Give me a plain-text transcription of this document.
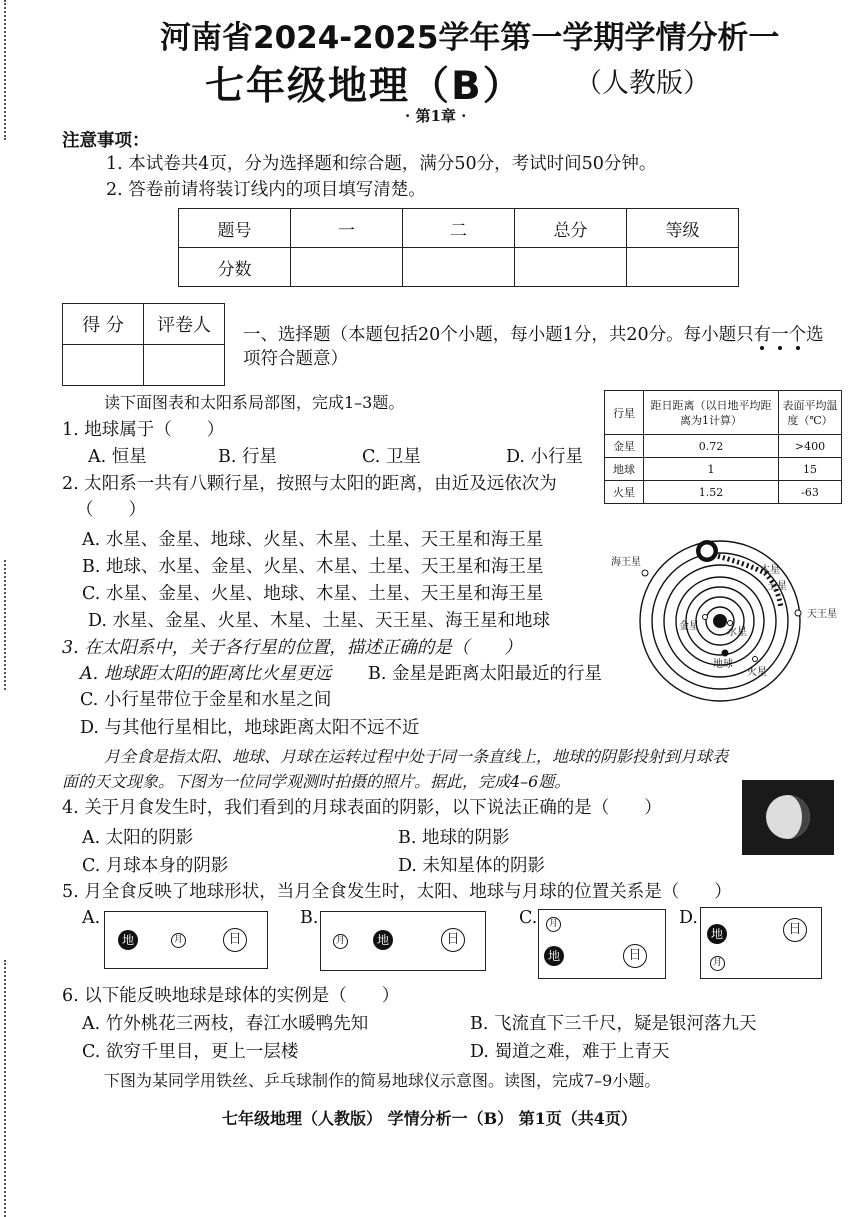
河南省2024-2025学年第一学期学情分析一
七年级地理（B） （人教版）
· 第1章 ·
注意事项：
1. 本试卷共4页，分为选择题和综合题，满分50分，考试时间50分钟。
2. 答卷前请将装订线内的项目填写清楚。
题号	一	二	总分	等级
分数				
得 分	评卷人
	一、选择题（本题包括20个小题，每小题1分，共20分。每小题只有一个选
项符合题意）
读下面图表和太阳系局部图，完成1–3题。
行星	距日距离（以日地平均距离为1计算）	表面平均温度（℃）
金星	0.72	>400
地球	1	15
火星	1.52	-63
1. 地球属于（　　）
A. 恒星	B. 行星	C. 卫星	D. 小行星
2. 太阳系一共有八颗行星，按照与太阳的距离，由近及远依次为
（　　）
A. 水星、金星、地球、火星、木星、土星、天王星和海王星
B. 地球、水星、金星、火星、木星、土星、天王星和海王星
C. 水星、金星、火星、地球、木星、土星、天王星和海王星
D. 水星、金星、火星、木星、土星、天王星、海王星和地球
海王星
天王星
木星
土星
金星
水星
地球
火星
3. 在太阳系中，关于各行星的位置，描述正确的是（　　）
A. 地球距太阳的距离比火星更远 B. 金星是距离太阳最近的行星
C. 小行星带位于金星和水星之间
D. 与其他行星相比，地球距离太阳不远不近
月全食是指太阳、地球、月球在运转过程中处于同一条直线上，地球的阴影投射到月球表
面的天文现象。下图为一位同学观测时拍摄的照片。据此，完成4–6题。
4. 关于月食发生时，我们看到的月球表面的阴影，以下说法正确的是（　　）
A. 太阳的阴影	B. 地球的阴影
C. 月球本身的阴影	D. 未知星体的阴影
5. 月全食反映了地球形状，当月全食发生时，太阳、地球与月球的位置关系是（　　）
A.
地	月	日
B.
月	地	日
C.	月
地	日
D.
地	日
月
6. 以下能反映地球是球体的实例是（　　）
A. 竹外桃花三两枝，春江水暖鸭先知	B. 飞流直下三千尺，疑是银河落九天
C. 欲穷千里目，更上一层楼	D. 蜀道之难，难于上青天
下图为某同学用铁丝、乒乓球制作的简易地球仪示意图。读图，完成7–9小题。
七年级地理（人教版） 学情分析一（B） 第1页（共4页）
